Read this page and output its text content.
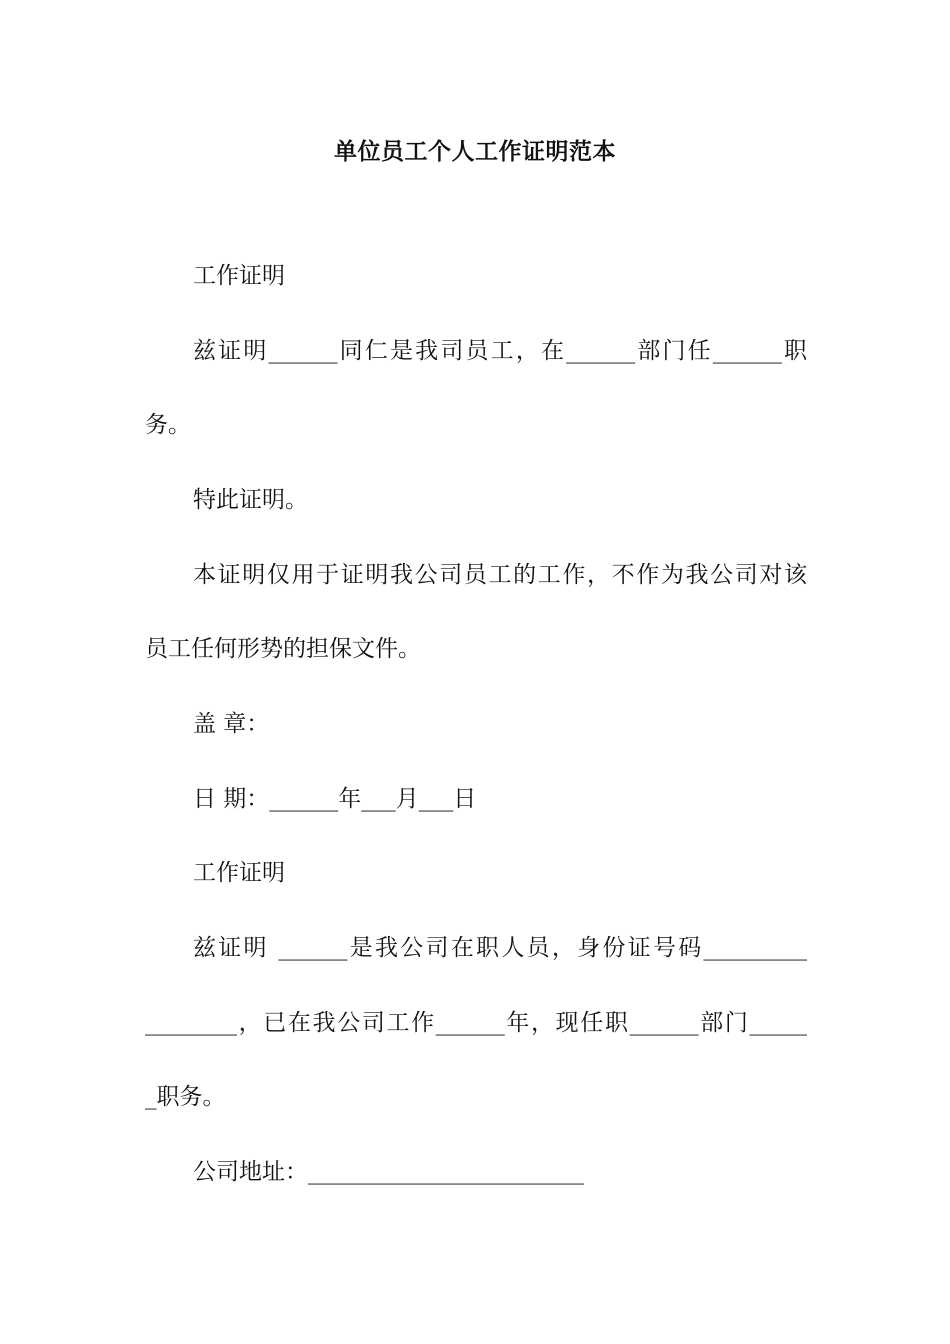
单位员工个人工作证明范本
工作证明
兹证明______同仁是我司员工，在______部门任______职
务。
特此证明。
本证明仅用于证明我公司员工的工作，不作为我公司对该
员工任何形势的担保文件。
盖 章：
日 期：______年___月___日
工作证明
兹证明 ______是我公司在职人员，身份证号码_________
________，已在我公司工作______年，现任职______部门_____
_职务。
公司地址：________________________
